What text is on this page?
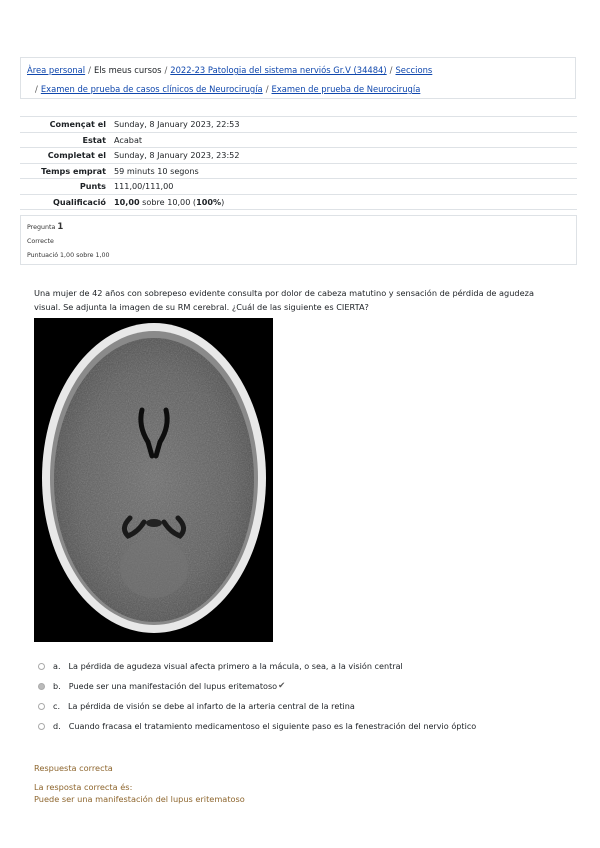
Àrea personal / Els meus cursos / 2022-23 Patologia del sistema nerviós Gr.V (34484) / Seccions
/ Examen de prueba de casos clínicos de Neurocirugía / Examen de prueba de Neurocirugía
Començat el	Sunday, 8 January 2023, 22:53
Estat	Acabat
Completat el	Sunday, 8 January 2023, 23:52
Temps emprat	59 minuts 10 segons
Punts	111,00/111,00
Qualificació	10,00 sobre 10,00 (100%)
Pregunta 1
Correcte
Puntuació 1,00 sobre 1,00
Una mujer de 42 años con sobrepeso evidente consulta por dolor de cabeza matutino y sensación de pérdida de agudeza visual. Se adjunta la imagen de su RM cerebral. ¿Cuál de las siguiente es CIERTA?
a. La pérdida de agudeza visual afecta primero a la mácula, o sea, a la visión central
b. Puede ser una manifestación del lupus eritematoso ✔
c. La pérdida de visión se debe al infarto de la arteria central de la retina
d. Cuando fracasa el tratamiento medicamentoso el siguiente paso es la fenestración del nervio óptico
Respuesta correcta
La resposta correcta és:
Puede ser una manifestación del lupus eritematoso
